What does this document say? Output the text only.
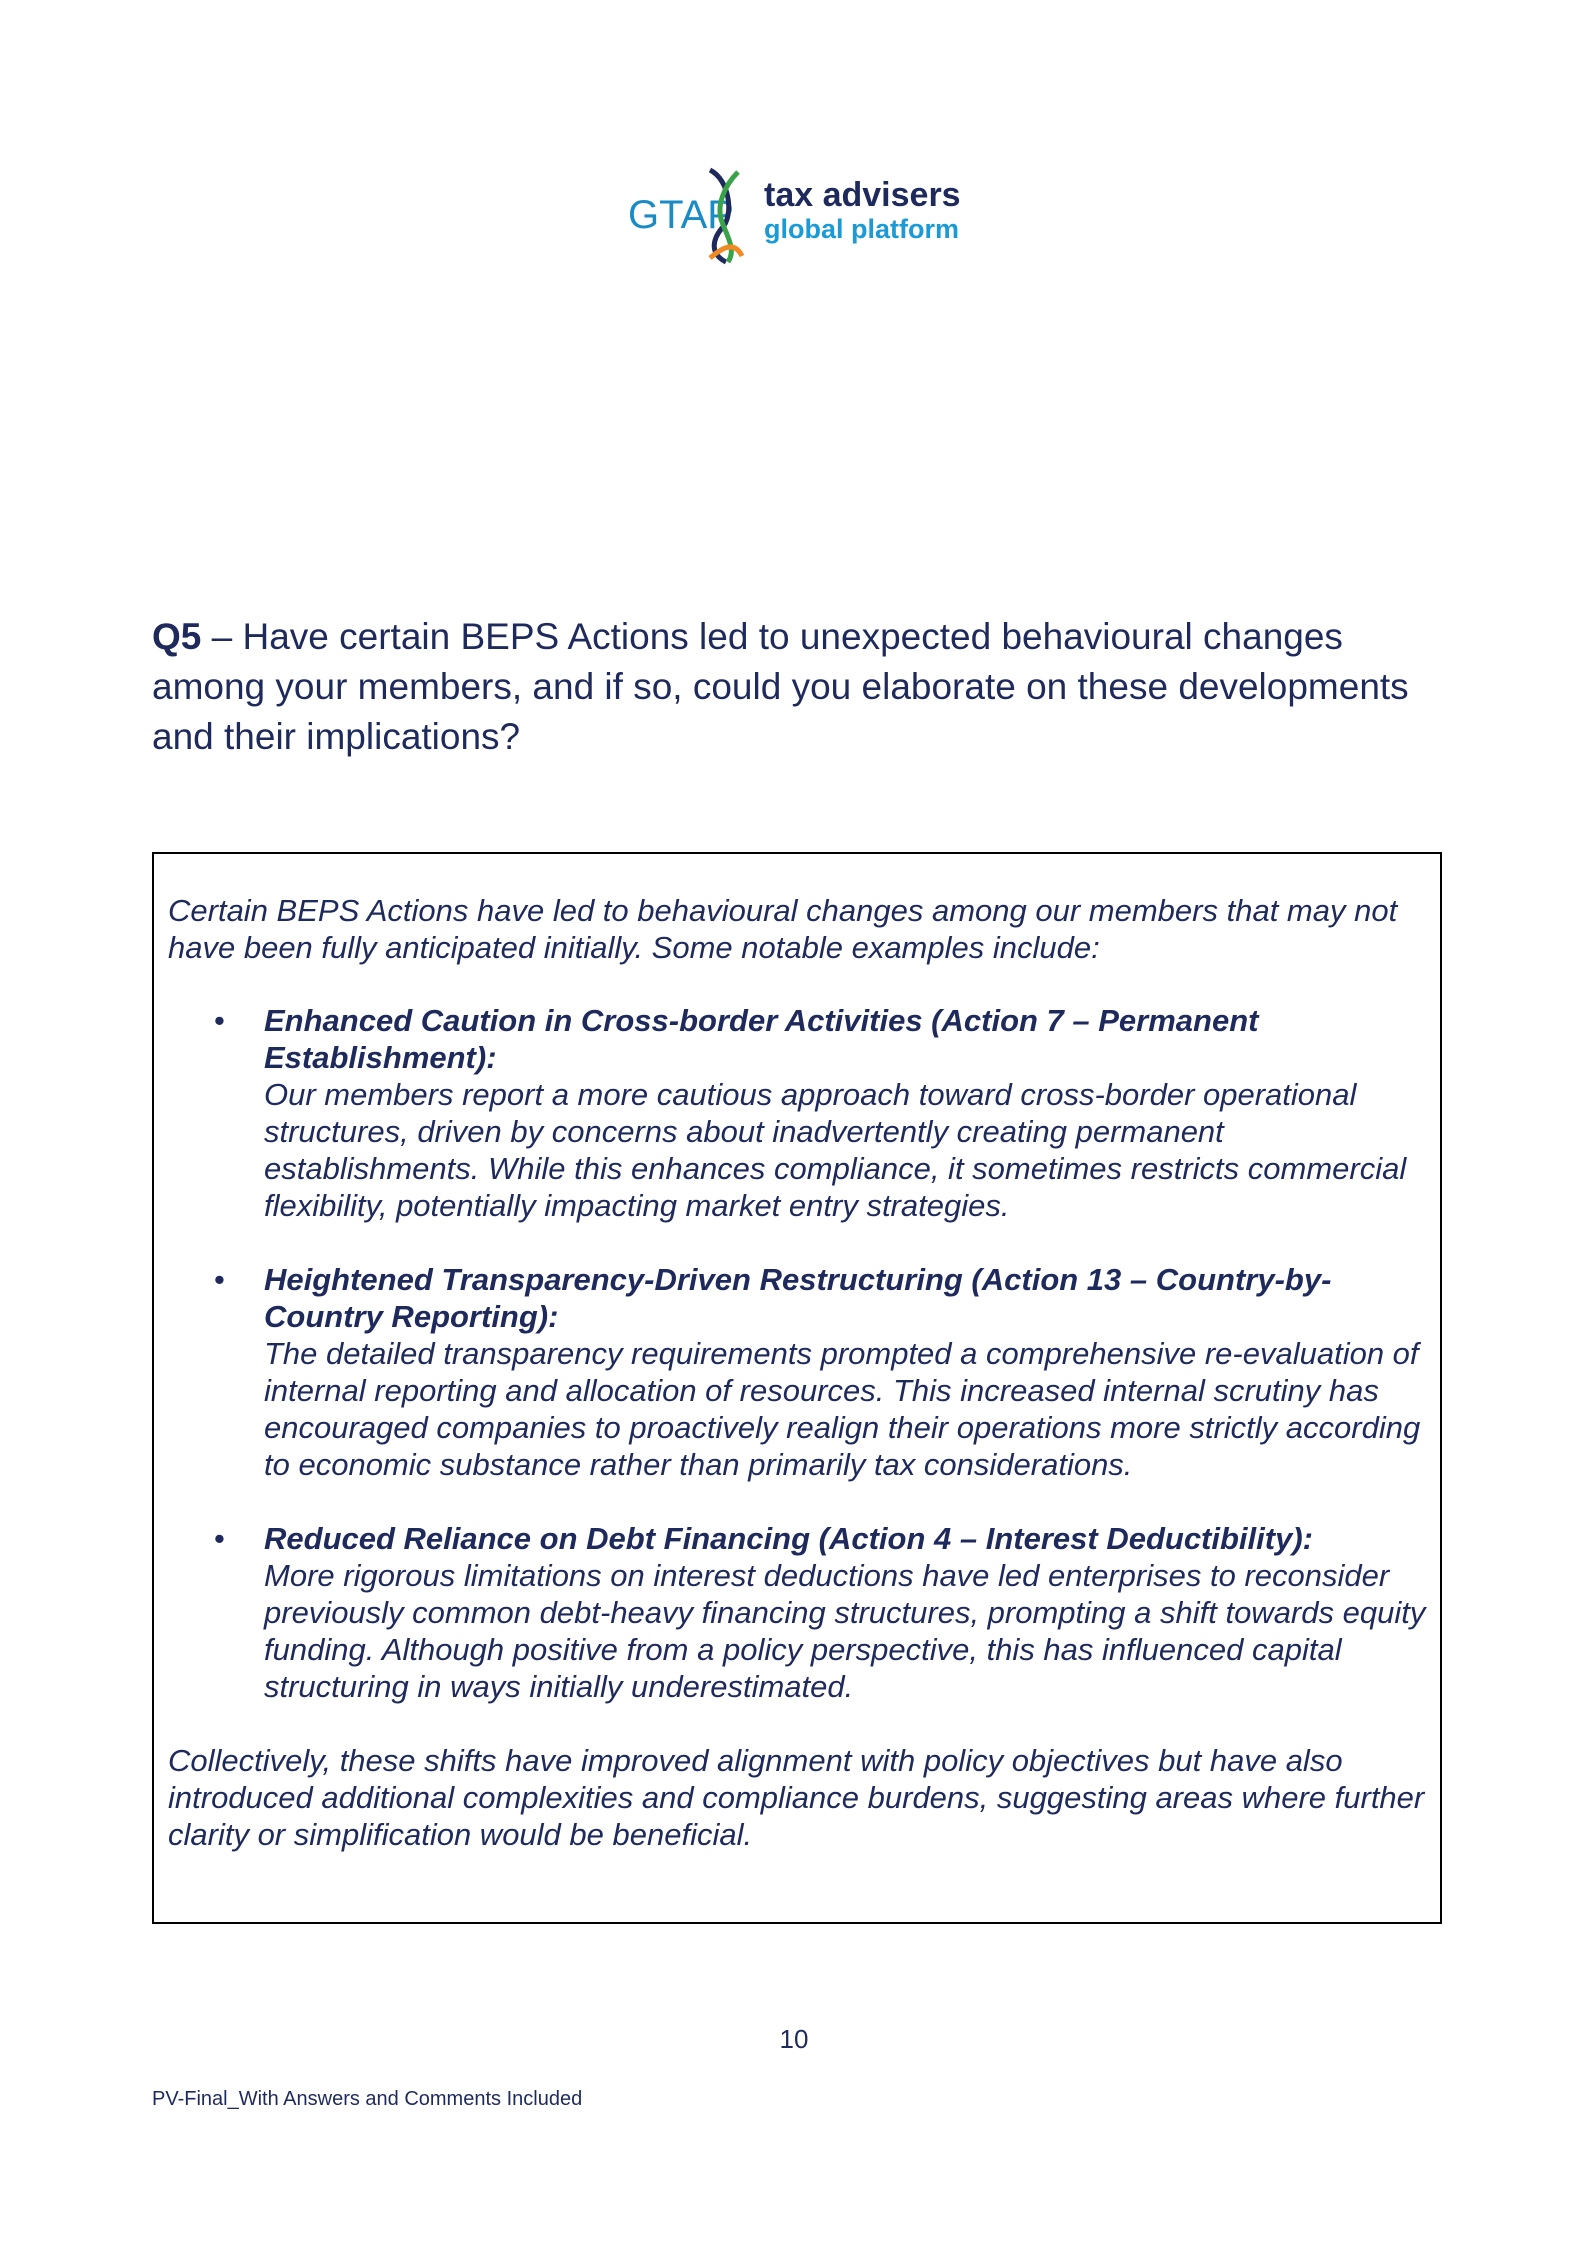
GTAP tax advisers
global platform
Q5 – Have certain BEPS Actions led to unexpected behavioural changes among your members, and if so, could you elaborate on these developments and their implications?

Certain BEPS Actions have led to behavioural changes among our members that may not have been fully anticipated initially. Some notable examples include:

• Enhanced Caution in Cross-border Activities (Action 7 – Permanent Establishment):
Our members report a more cautious approach toward cross-border operational structures, driven by concerns about inadvertently creating permanent establishments. While this enhances compliance, it sometimes restricts commercial flexibility, potentially impacting market entry strategies.
• Heightened Transparency-Driven Restructuring (Action 13 – Country-by-Country Reporting):
The detailed transparency requirements prompted a comprehensive re-evaluation of internal reporting and allocation of resources. This increased internal scrutiny has encouraged companies to proactively realign their operations more strictly according to economic substance rather than primarily tax considerations.
• Reduced Reliance on Debt Financing (Action 4 – Interest Deductibility):
More rigorous limitations on interest deductions have led enterprises to reconsider previously common debt-heavy financing structures, prompting a shift towards equity funding. Although positive from a policy perspective, this has influenced capital structuring in ways initially underestimated.

Collectively, these shifts have improved alignment with policy objectives but have also introduced additional complexities and compliance burdens, suggesting areas where further clarity or simplification would be beneficial.

10
PV-Final_With Answers and Comments Included
